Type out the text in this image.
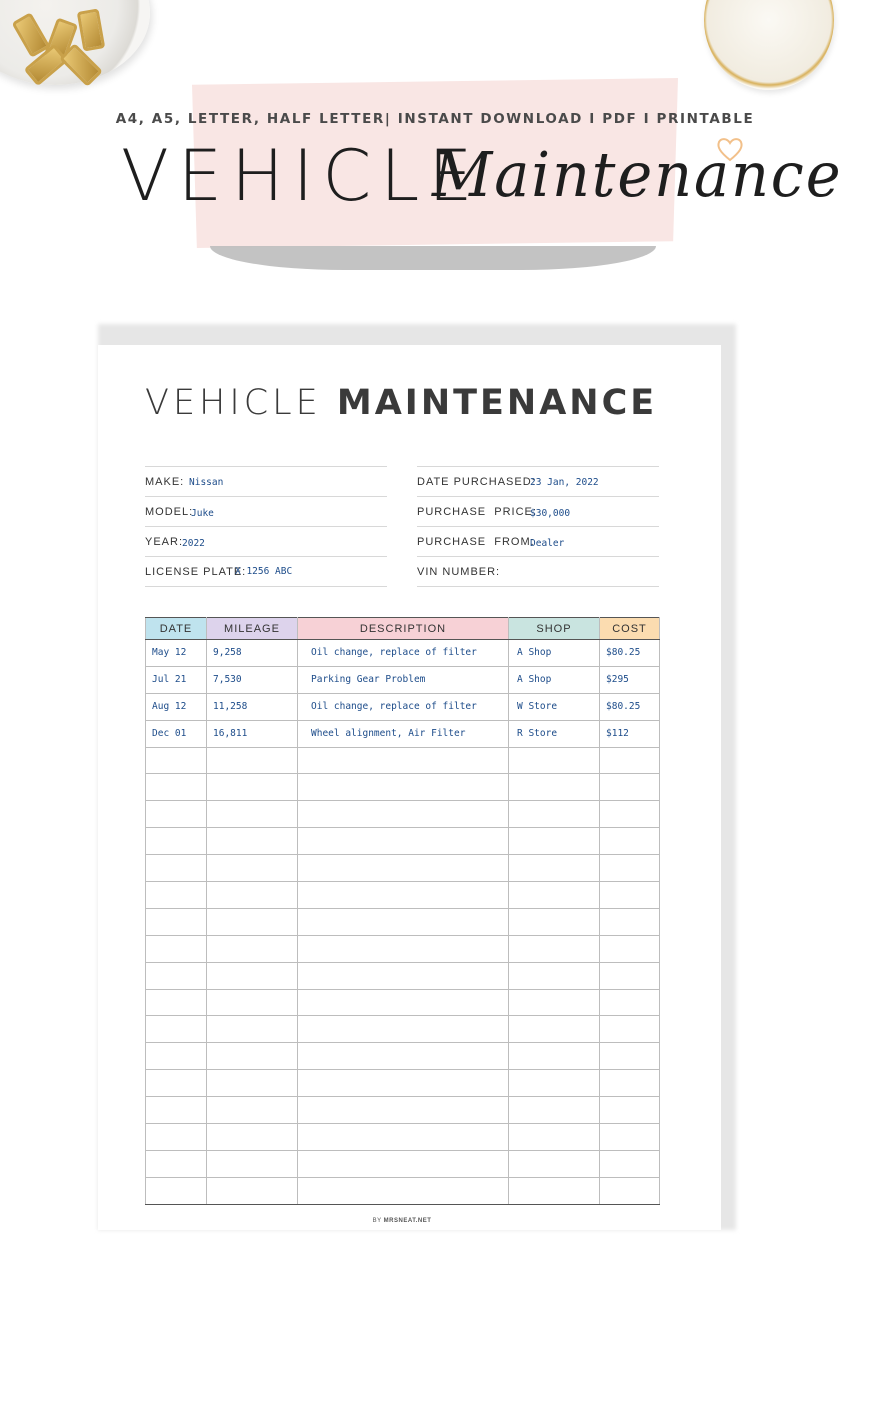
A4, A5, LETTER, HALF LETTER| INSTANT DOWNLOAD I PDF I PRINTABLE
VEHICLE
Maintenance
VEHICLE MAINTENANCE
MAKE: Nissan
MODEL:
Juke
YEAR:
2022
LICENSE PLATE:
X 1256 ABC
DATE PURCHASED:
23 Jan, 2022
PURCHASE  PRICE:
$30,000
PURCHASE  FROM:
Dealer
VIN NUMBER:
DATE	MILEAGE	DESCRIPTION	SHOP	COST
May 12	9,258	Oil change, replace of filter	A Shop	$80.25
Jul 21	7,530	Parking Gear Problem	A Shop	$295
Aug 12	11,258	Oil change, replace of filter	W Store	$80.25
Dec 01	16,811	Wheel alignment, Air Filter	R Store	$112

BY MRSNEAT.NET
